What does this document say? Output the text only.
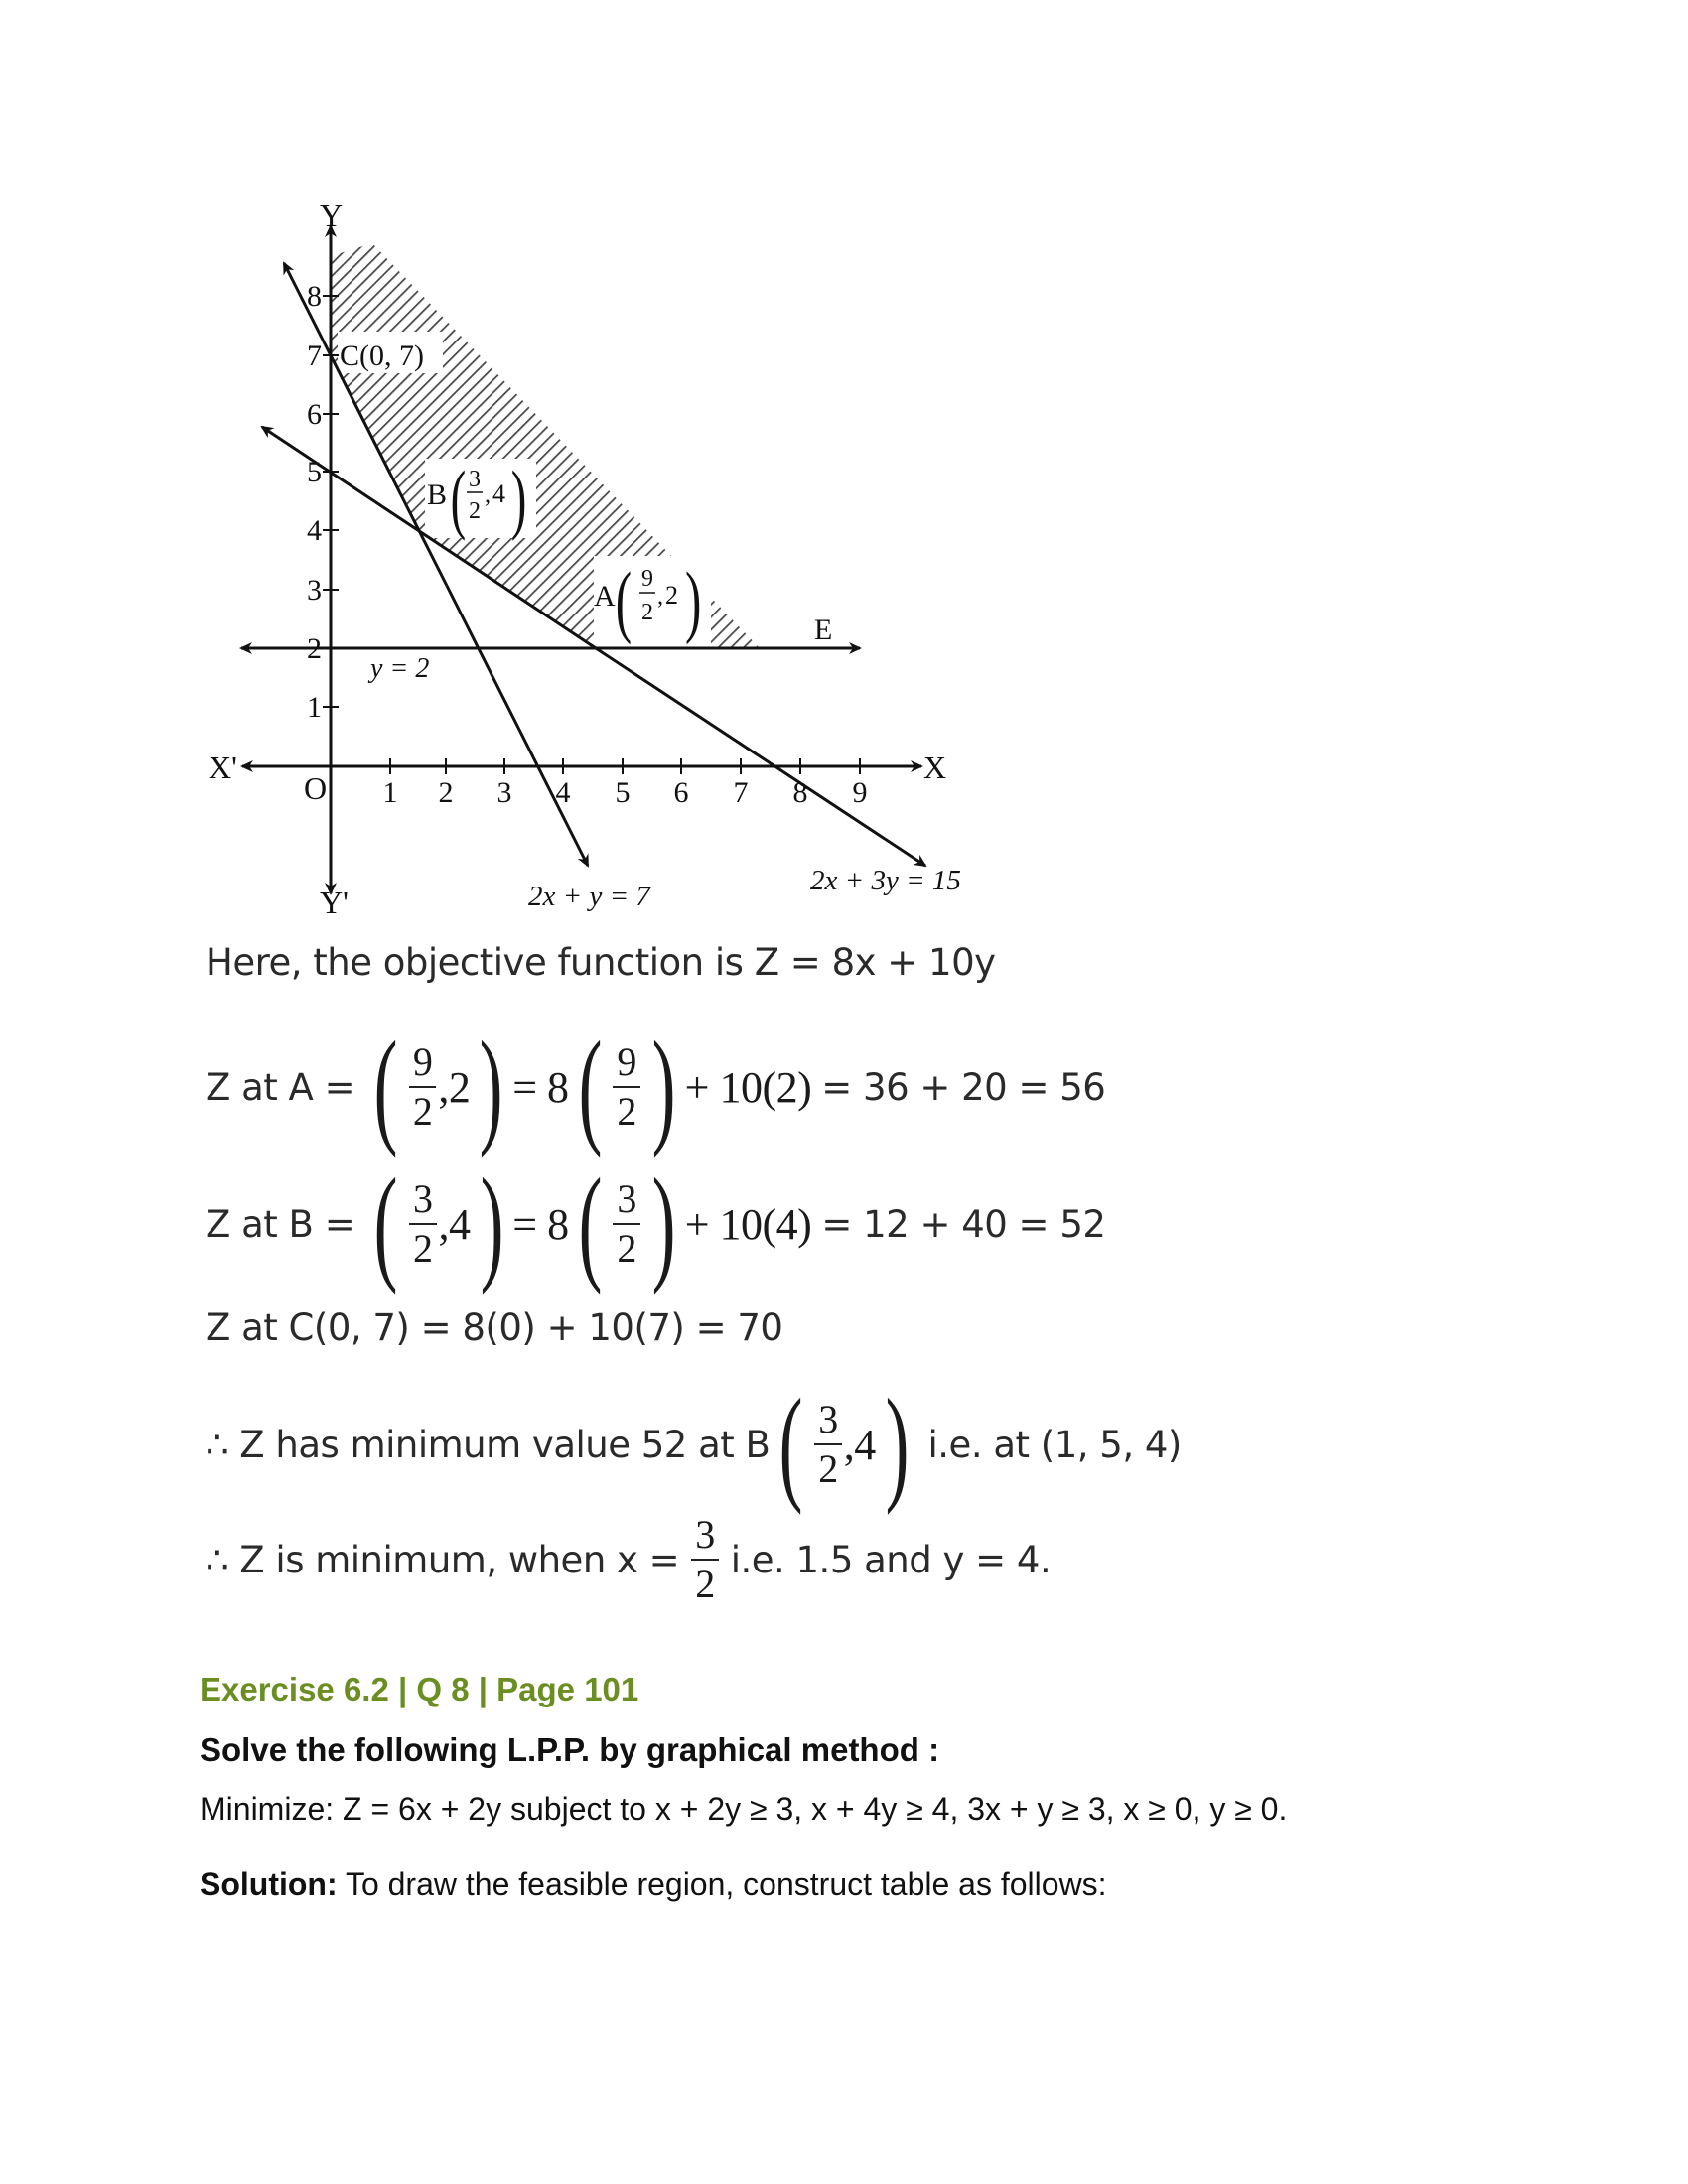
Y
Y'
X
X'
O 1 2 3 4 5 6 7 8 9
1
2
3
4
5
6
7
8
C(0, 7)
B ( 3
2
, 4 )
A ( 9
2
, 2 )	E
y = 2
2x + y = 7	2x + 3y = 15
Here, the objective function is Z = 8x + 10y
Z at A = ( $\frac{9}{2}$ , 2 ) = 8 ( $\frac{9}{2}$ ) + 10(2) = 36 + 20 = 56
Z at B = ( $\frac{3}{2}$ , 4 ) = 8 ( $\frac{3}{2}$ ) + 10(4) = 12 + 40 = 52
Z at C(0, 7) = 8(0) + 10(7) = 70
∴ Z has minimum value 52 at B ( $\frac{3}{2}$ , 4 ) i.e. at (1, 5, 4)
∴ Z is minimum, when $x = \frac{3}{2} i.e$. 1.5 and y = 4.
Exercise 6.2 | Q 8 | Page 101
Solve the following L.P.P. by graphical method :
Minimize: Z = 6x + 2y subject to x + 2y ≥ 3, x + 4y ≥ 4, 3x + y ≥ 3, x ≥ 0, y ≥ 0.
Solution: To draw the feasible region, construct table as follows:
